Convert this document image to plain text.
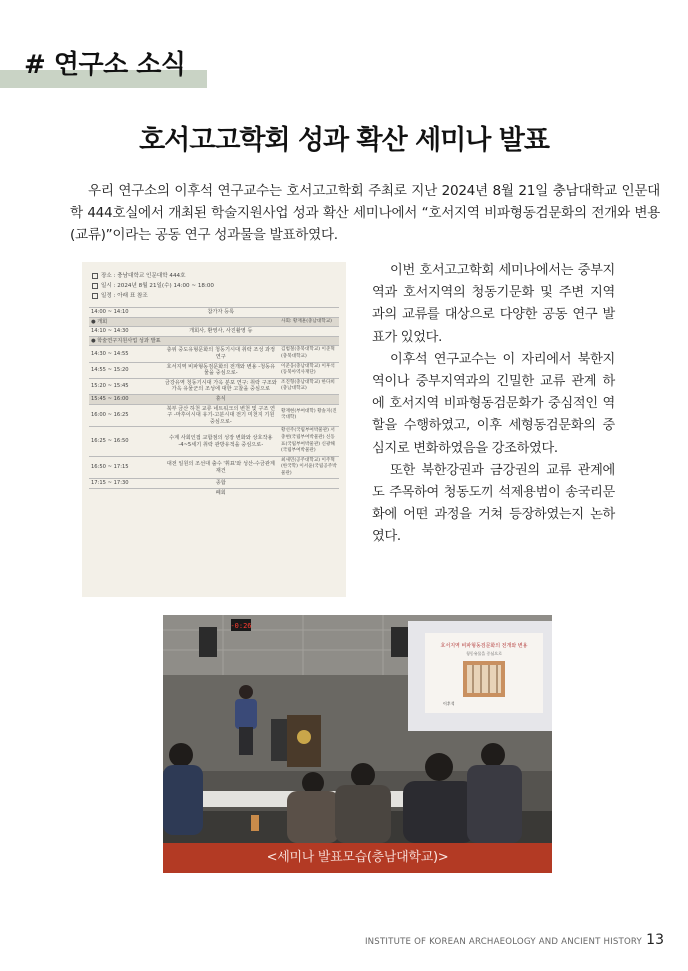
# 연구소 소식
호서고고학회 성과 확산 세미나 발표
우리 연구소의 이후석 연구교수는 호서고고학회 주최로 지난 2024년 8월 21일 충남대학교 인문대학 444호실에서 개최된 학술지원사업 성과 확산 세미나에서 “호서지역 비파형동검문화의 전개와 변용(교류)”이라는 공동 연구 성과물을 발표하였다.
장소 : 충남대학교 인문대학 444호
일시 : 2024년 8월 21일(수) 14:00 ~ 18:00
일정 : 아래 표 참조
14:00 ~ 14:10	참가자 등록	
● 개회		사회: 황재훈(충남대학교)
14:10 ~ 14:30	개회사, 환영사, 사진촬영 등	
● 학술연구지원사업 성과 발표		
14:30 ~ 14:55	층위 중도유형문화의 청동기시대 취락 조성 과정 연구	김범철(충북대학교) 이준혁(충북대학교)
14:55 ~ 15:20	호서지역 비파형동검문화의 전개와 변용 -청동유물을 중심으로-	이준웅(충남대학교) 이후석(동북아역사재단)
15:20 ~ 15:45	금강유역 청동기시대 가옥 분포 연구: 취락 구조와 가옥 유물군의 조성에 대한 고찰을 중심으로	조진형(충남대학교) 한다희(충남대학교)
15:45 ~ 16:00	휴식	
16:00 ~ 16:25	북부 금산 하천 교류 네트워크의 변천 및 구조 연구 -마후이시대 유기-고분시대 전기 미천지 기원 중심으로-	황재현(부여대학) 황솔지(진국대학)
16:25 ~ 16:50	수계 사회인접 교합점의 성장 변화와 상호작용 -4~5세기 취락 관방유적을 중심으로-	황선주(국립부여박물관) 서충현(국립부여박물관) 신동표(국립부여박물관) 신광해(국립부여박물관)
16:50 ~ 17:15	대전 일원의 조선대 출수 '휘표'와 성산-수금관계 재건	최새민(공주대학교) 이주혁(한국학) 이서윤(국립공주박물관)
17:15 ~ 17:30	종합	
	폐회	

이번 호서고고학회 세미나에서는 중부지역과 호서지역의 청동기문화 및 주변 지역과의 교류를 대상으로 다양한 공동 연구 발표가 있었다.

이후석 연구교수는 이 자리에서 북한지역이나 중부지역과의 긴밀한 교류 관계 하에 호서지역 비파형동검문화가 중심적인 역할을 수행하였고, 이후 세형동검문화의 중심지로 변화하였음을 강조하였다.

또한 북한강권과 금강권의 교류 관계에도 주목하여 청동도끼 석제용범이 송국리문화에 어떤 과정을 거쳐 등장하였는지 논하였다.

-0:26
호서지역 비파형동검문화의 전개와 변용
청동유물을 중심으로
이후석
<세미나 발표모습(충남대학교)>
INSTITUTE OF KOREAN ARCHAEOLOGY AND ANCIENT HISTORY 13
